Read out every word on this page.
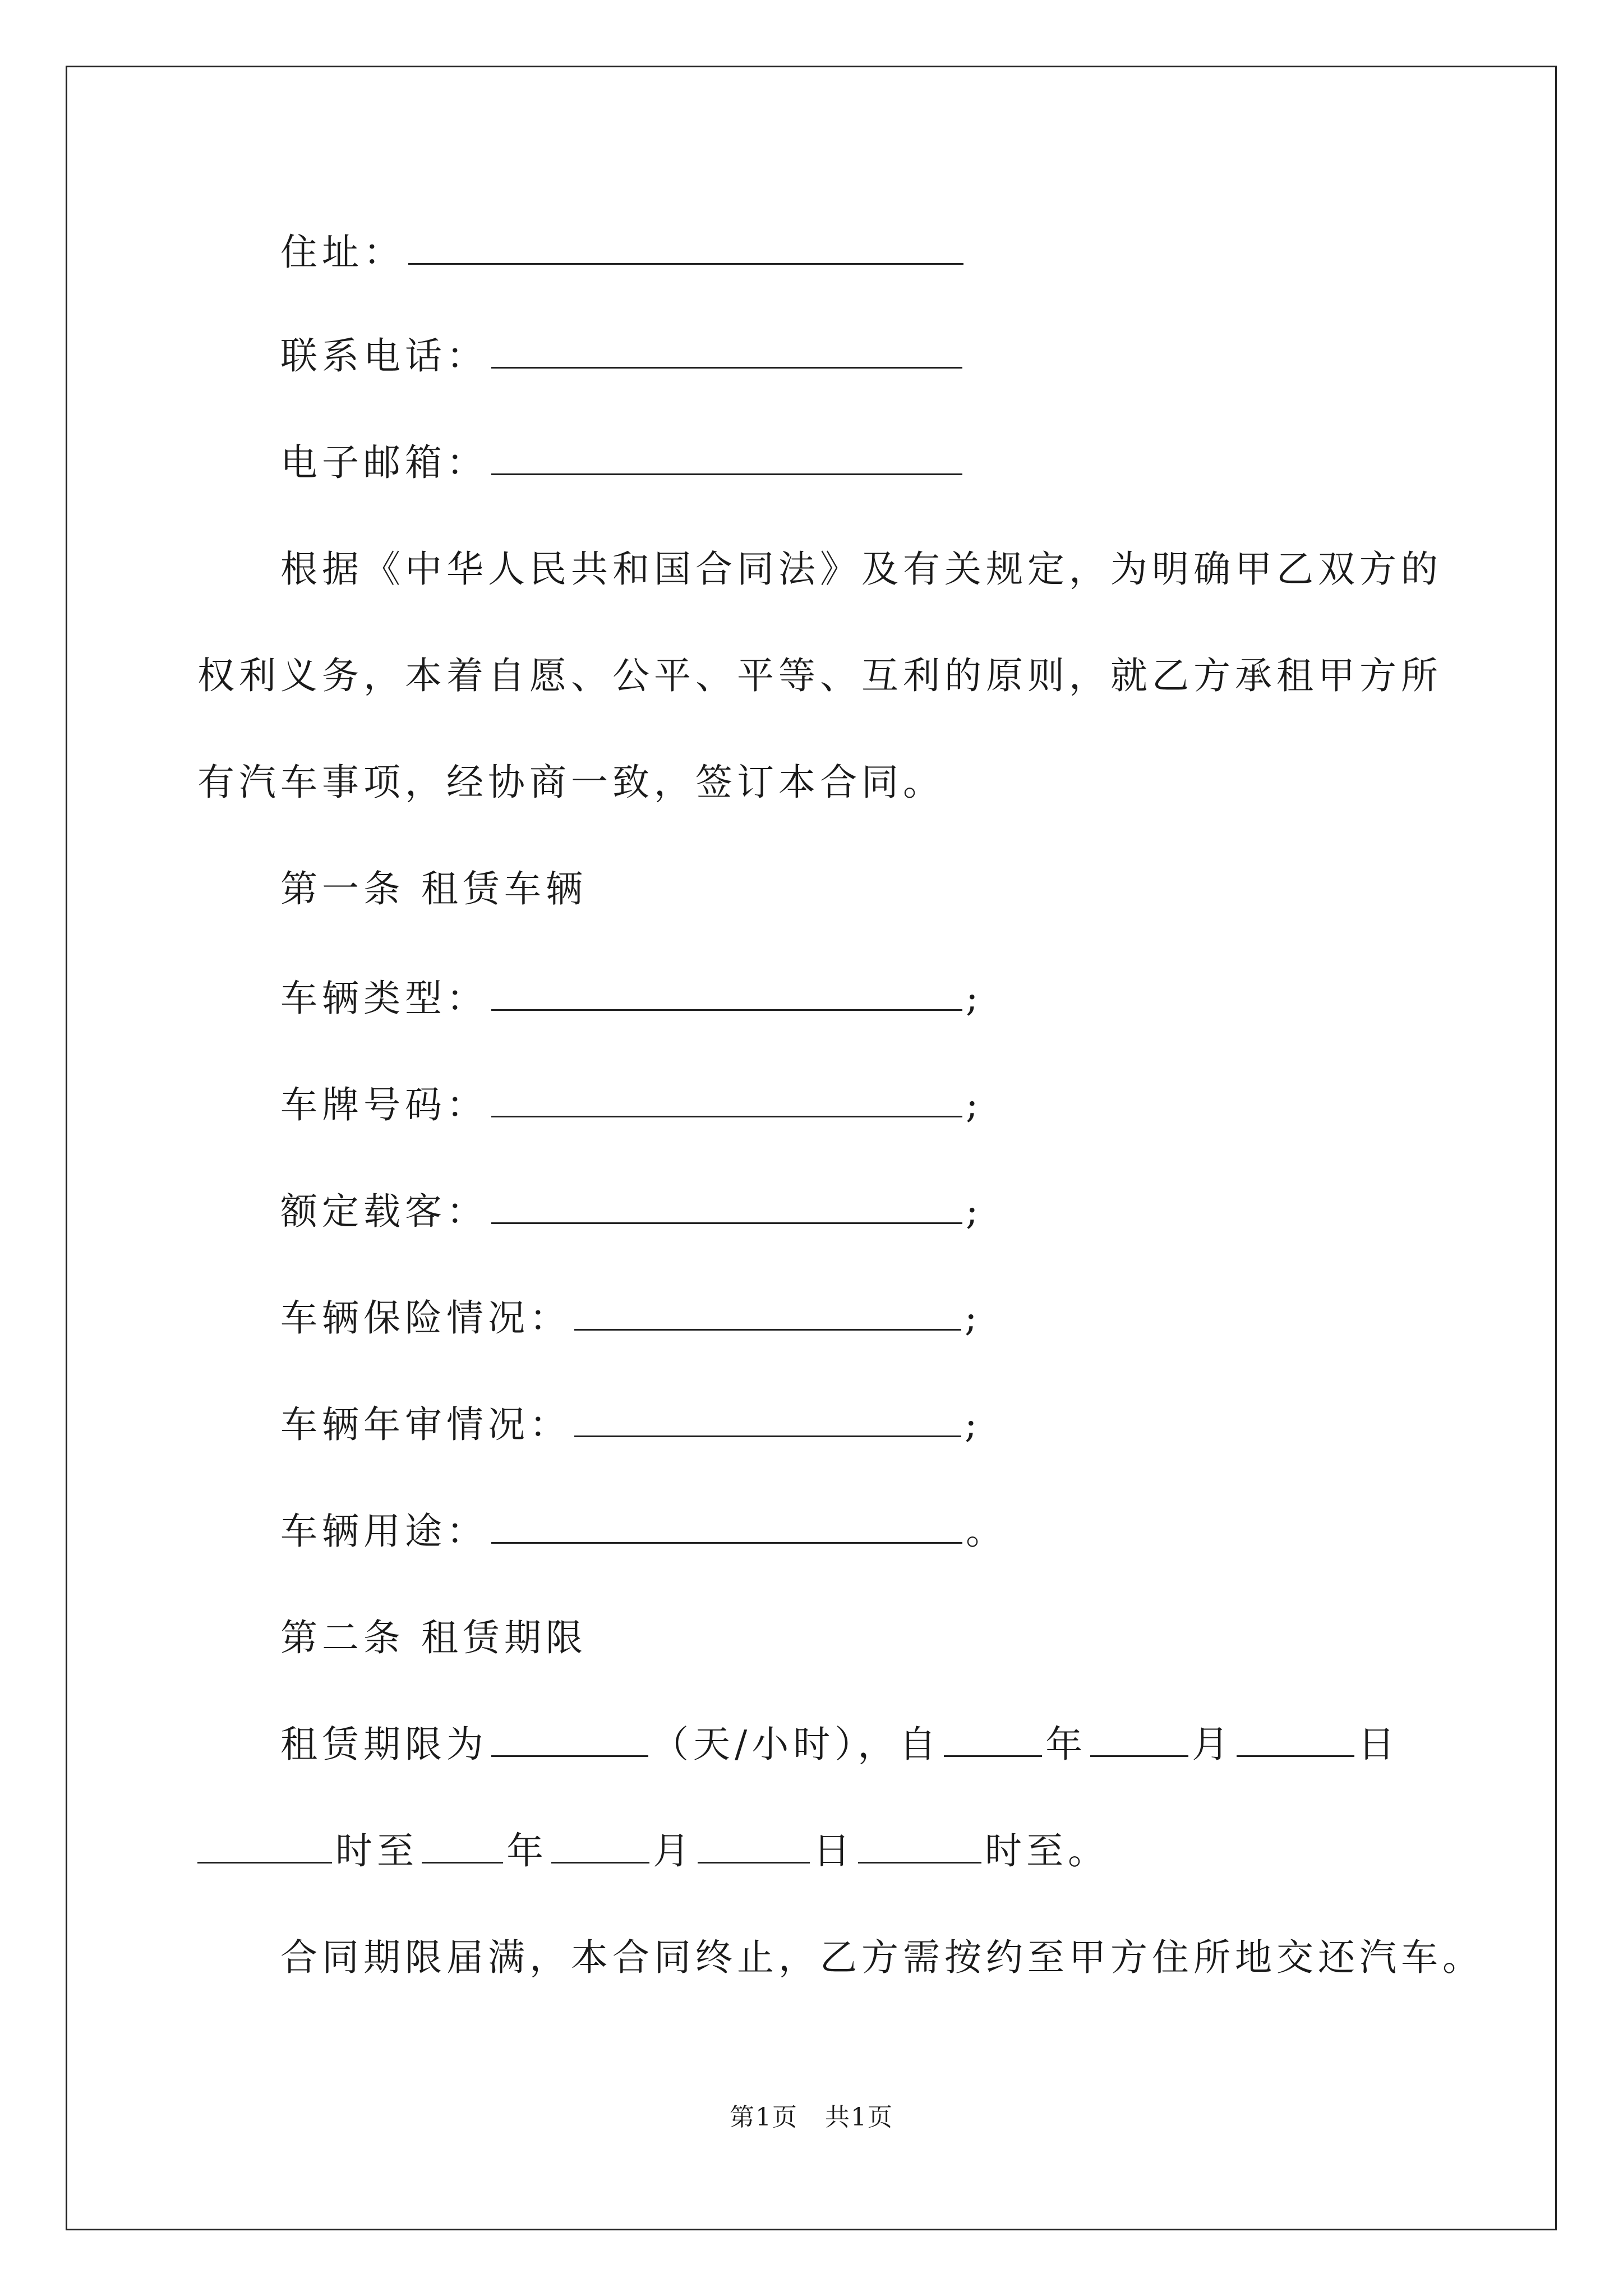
住址：
联系电话：
电子邮箱：
根据《中华人民共和国合同法》及有关规定，为明确甲乙双方的
权利义务，本着自愿、公平、平等、互利的原则，就乙方承租甲方所
有汽车事项，经协商一致，签订本合同。
第一条 租赁车辆
车辆类型：	;
车牌号码：	;
额定载客：	;
车辆保险情况：	;
车辆年审情况：	;
车辆用途：	。
第二条 租赁期限
租赁期限为	（天/小时），自	年	月	日
时至 年	月	日	时至。
合同期限届满，本合同终止，乙方需按约至甲方住所地交还汽车。
第1页   共1页
